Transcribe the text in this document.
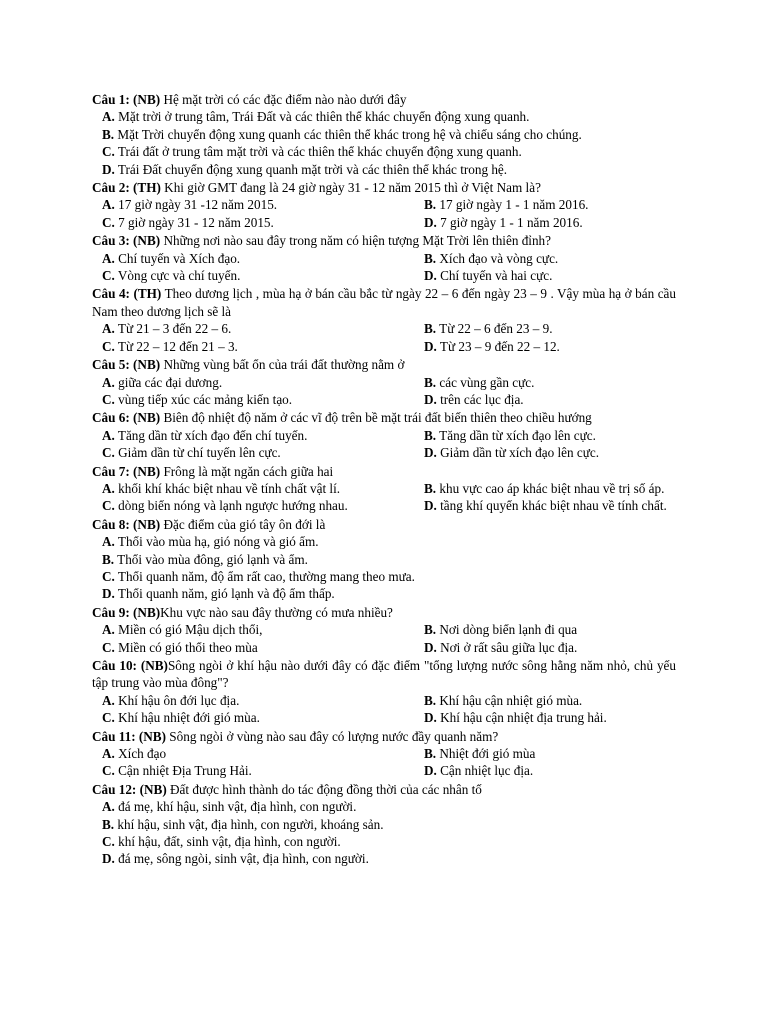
Câu 1: (NB) Hệ mặt trời có các đặc điểm nào nào dưới đây
A. Mặt trời ở trung tâm, Trái Đất và các thiên thể khác chuyển động xung quanh.
B. Mặt Trời chuyển động xung quanh các thiên thể khác trong hệ và chiếu sáng cho chúng.
C. Trái đất ở trung tâm mặt trời và các thiên thể khác chuyển động xung quanh.
D. Trái Đất chuyển động xung quanh mặt trời và các thiên thể khác trong hệ.
Câu 2: (TH) Khi giờ GMT đang là 24 giờ ngày 31 - 12 năm 2015 thì ở Việt Nam là?
A. 17 giờ ngày 31 -12 năm 2015.	B. 17 giờ ngày 1 - 1 năm 2016.
C. 7 giờ ngày 31 - 12 năm 2015.	D. 7 giờ ngày 1 - 1 năm 2016.
Câu 3: (NB) Những nơi nào sau đây trong năm có hiện tượng Mặt Trời lên thiên đỉnh?
A. Chí tuyến và Xích đạo.	B. Xích đạo và vòng cực.
C. Vòng cực và chí tuyến.	D. Chí tuyến và hai cực.
Câu 4: (TH) Theo dương lịch , mùa hạ ở bán cầu bắc từ ngày 22 – 6 đến ngày 23 – 9 . Vậy mùa hạ ở bán cầu Nam theo dương lịch sẽ là
A. Từ 21 – 3 đến 22 – 6.	B. Từ 22 – 6 đến 23 – 9.
C. Từ 22 – 12 đến 21 – 3.	D. Từ 23 – 9 đến 22 – 12.
Câu 5: (NB) Những vùng bất ổn của trái đất thường nằm ở
A. giữa các đại dương.	B. các vùng gần cực.
C. vùng tiếp xúc các mảng kiến tạo.	D. trên các lục địa.
Câu 6: (NB) Biên độ nhiệt độ năm ở các vĩ độ trên bề mặt trái đất biến thiên theo chiều hướng
A. Tăng dần từ xích đạo đến chí tuyến.	B. Tăng dần từ xích đạo lên cực.
C. Giảm dần từ chí tuyến lên cực.	D. Giảm dần từ xích đạo lên cực.
Câu 7: (NB) Frông là mặt ngăn cách giữa hai
A. khối khí khác biệt nhau về tính chất vật lí.	B. khu vực cao áp khác biệt nhau về trị số áp.
C. dòng biển nóng và lạnh ngược hướng nhau.	D. tầng khí quyển khác biệt nhau về tính chất.
Câu 8: (NB) Đặc điểm của gió tây ôn đới là
A. Thổi vào mùa hạ, gió nóng và gió ẩm.
B. Thổi vào mùa đông, gió lạnh và ẩm.
C. Thổi quanh năm, độ ẩm rất cao, thường mang theo mưa.
D. Thổi quanh năm, gió lạnh và độ ẩm thấp.
Câu 9: (NB)Khu vực nào sau đây thường có mưa nhiều?
A. Miền có gió Mậu dịch thổi,	B. Nơi dòng biển lạnh đi qua
C. Miền có gió thổi theo mùa	D. Nơi ở rất sâu giữa lục địa.
Câu 10: (NB)Sông ngòi ở khí hậu nào dưới đây có đặc điểm "tổng lượng nước sông hằng năm nhỏ, chủ yếu tập trung vào mùa đông"?
A. Khí hậu ôn đới lục địa.	B. Khí hậu cận nhiệt gió mùa.
C. Khí hậu nhiệt đới gió mùa.	D. Khí hậu cận nhiệt địa trung hải.
Câu 11: (NB) Sông ngòi ở vùng nào sau đây có lượng nước đầy quanh năm?
A. Xích đạo	B. Nhiệt đới gió mùa
C. Cận nhiệt Địa Trung Hải.	D. Cận nhiệt lục địa.
Câu 12: (NB) Đất được hình thành do tác động đồng thời của các nhân tố
A. đá mẹ, khí hậu, sinh vật, địa hình, con người.
B. khí hậu, sinh vật, địa hình, con người, khoáng sản.
C. khí hậu, đất, sinh vật, địa hình, con người.
D. đá mẹ, sông ngòi, sinh vật, địa hình, con người.
